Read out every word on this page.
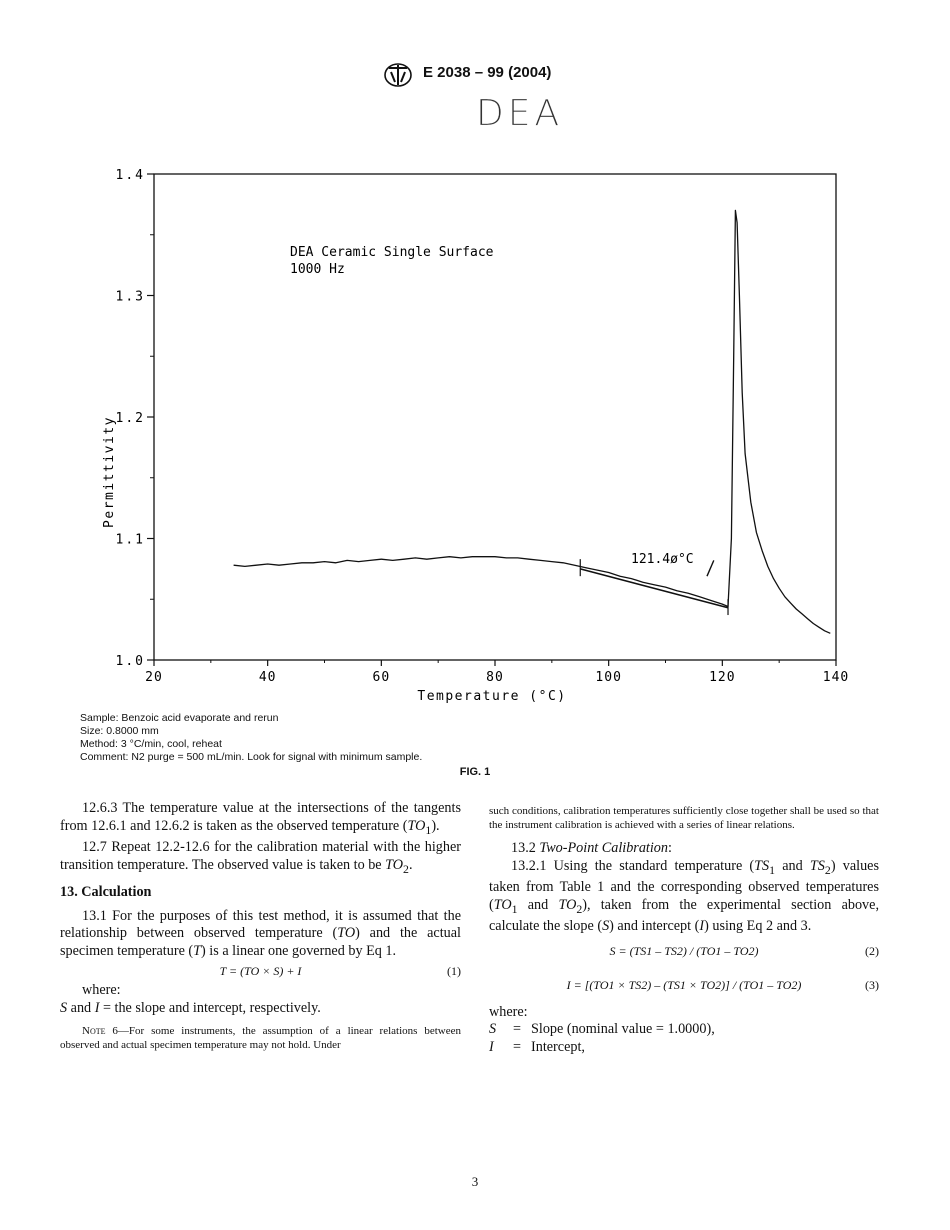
E 2038 – 99 (2004)
DEA
1.0
1.1
1.2
1.3
1.4
20	40	60	80	100	120	140
Permittivity
Temperature (°C)
DEA Ceramic Single Surface
1000 Hz
121.4ø°C
Sample: Benzoic acid evaporate and rerun
Size: 0.8000 mm
Method: 3 °C/min, cool, reheat
Comment: N2 purge = 500 mL/min. Look for signal with minimum sample.
FIG. 1

12.6.3 The temperature value at the intersections of the tangents from 12.6.1 and 12.6.2 is taken as the observed temperature $(TO_1)$.

12.7 Repeat 12.2-12.6 for the calibration material with the higher transition temperature. The observed value is taken to be $TO_2$.

13. Calculation

13.1 For the purposes of this test method, it is assumed that the relationship between observed temperature (TO) and the actual specimen temperature (T) is a linear one governed by Eq 1.

T = (TO × S) + I	(1)

where:

S and I = the slope and intercept, respectively.

Note 6—For some instruments, the assumption of a linear relations between observed and actual specimen temperature may not hold. Under

such conditions, calibration temperatures sufficiently close together shall be used so that the instrument calibration is achieved with a series of linear relations.

13.2 Two-Point Calibration:

13.2.1 Using the standard temperature ($TS_1$ and $TS_2$) values taken from Table 1 and the corresponding observed temperatures ($TO_1$ and $TO_2$), taken from the experimental section above, calculate the slope (S) and intercept (I) using Eq 2 and 3.

S = (TS1 – TS2) / (TO1 – TO2)	(2)
I = [(TO1 × TS2) – (TS1 × TO2)] / (TO1 – TO2)	(3)

where:

S	= Slope (nominal value = 1.0000),
I	= Intercept,
3
